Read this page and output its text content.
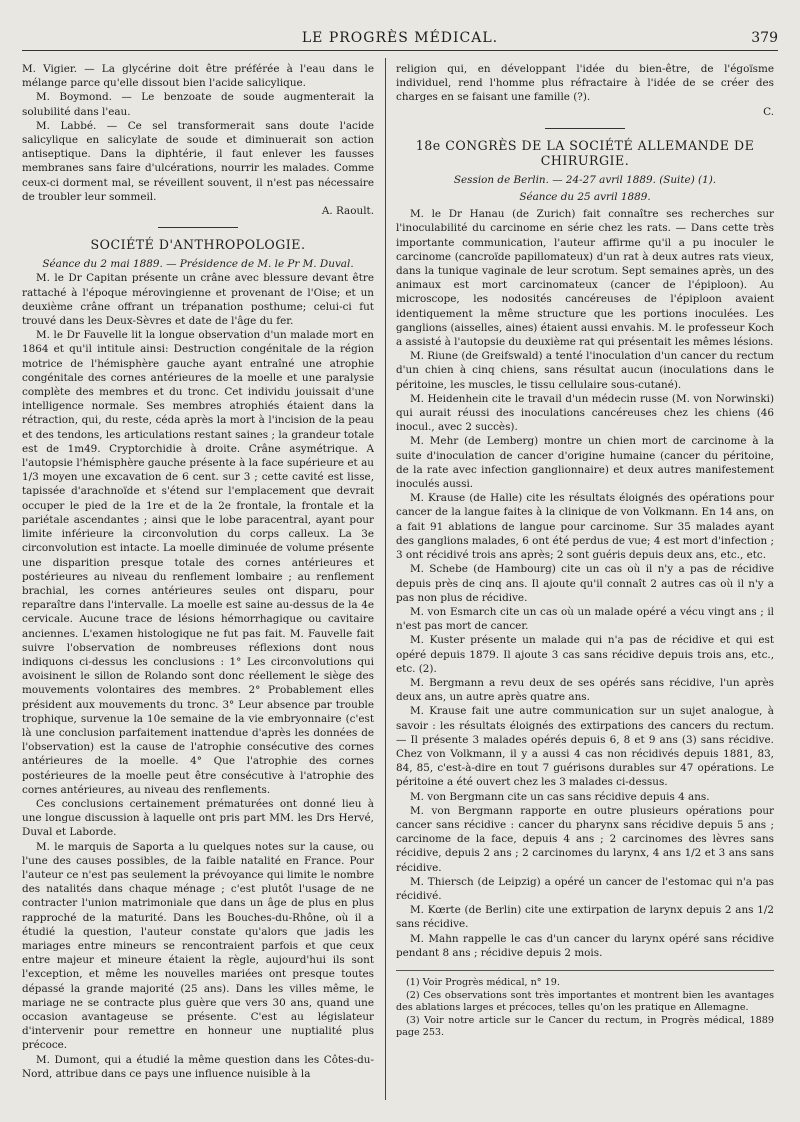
LE PROGRÈS MÉDICAL.	379

M. Vigier. — La glycérine doit être préférée à l'eau dans le mélange parce qu'elle dissout bien l'acide salicylique.

M. Boymond. — Le benzoate de soude augmenterait la solubilité dans l'eau.

M. Labbé. — Ce sel transformerait sans doute l'acide salicylique en salicylate de soude et diminuerait son action antiseptique. Dans la diphtérie, il faut enlever les fausses membranes sans faire d'ulcérations, nourrir les malades. Comme ceux-ci dorment mal, se réveillent souvent, il n'est pas nécessaire de troubler leur sommeil.

A. Raoult.

SOCIÉTÉ D'ANTHROPOLOGIE.

Séance du 2 mai 1889. — Présidence de M. le Pr M. Duval.

M. le Dr Capitan présente un crâne avec blessure devant être rattaché à l'époque mérovingienne et provenant de l'Oise; et un deuxième crâne offrant un trépanation posthume; celui-ci fut trouvé dans les Deux-Sèvres et date de l'âge du fer.

M. le Dr Fauvelle lit la longue observation d'un malade mort en 1864 et qu'il intitule ainsi: Destruction congénitale de la région motrice de l'hémisphère gauche ayant entraîné une atrophie congénitale des cornes antérieures de la moelle et une paralysie complète des membres et du tronc. Cet individu jouissait d'une intelligence normale. Ses membres atrophiés étaient dans la rétraction, qui, du reste, céda après la mort à l'incision de la peau et des tendons, les articulations restant saines ; la grandeur totale est de 1m49. Cryptorchidie à droite. Crâne asymétrique. A l'autopsie l'hémisphère gauche présente à la face supérieure et au 1/3 moyen une excavation de 6 cent. sur 3 ; cette cavité est lisse, tapissée d'arachnoïde et s'étend sur l'emplacement que devrait occuper le pied de la 1re et de la 2e frontale, la frontale et la pariétale ascendantes ; ainsi que le lobe paracentral, ayant pour limite inférieure la circonvolution du corps calleux. La 3e circonvolution est intacte. La moelle diminuée de volume présente une disparition presque totale des cornes antérieures et postérieures au niveau du renflement lombaire ; au renflement brachial, les cornes antérieures seules ont disparu, pour reparaître dans l'intervalle. La moelle est saine au-dessus de la 4e cervicale. Aucune trace de lésions hémorrhagique ou cavitaire anciennes. L'examen histologique ne fut pas fait. M. Fauvelle fait suivre l'observation de nombreuses réflexions dont nous indiquons ci-dessus les conclusions : 1° Les circonvolutions qui avoisinent le sillon de Rolando sont donc réellement le siège des mouvements volontaires des membres. 2° Probablement elles président aux mouvements du tronc. 3° Leur absence par trouble trophique, survenue la 10e semaine de la vie embryonnaire (c'est là une conclusion parfaitement inattendue d'après les données de l'observation) est la cause de l'atrophie consécutive des cornes antérieures de la moelle. 4° Que l'atrophie des cornes postérieures de la moelle peut être consécutive à l'atrophie des cornes antérieures, au niveau des renflements.

Ces conclusions certainement prématurées ont donné lieu à une longue discussion à laquelle ont pris part MM. les Drs Hervé, Duval et Laborde.

M. le marquis de Saporta a lu quelques notes sur la cause, ou l'une des causes possibles, de la faible natalité en France. Pour l'auteur ce n'est pas seulement la prévoyance qui limite le nombre des natalités dans chaque ménage ; c'est plutôt l'usage de ne contracter l'union matrimoniale que dans un âge de plus en plus rapproché de la maturité. Dans les Bouches-du-Rhône, où il a étudié la question, l'auteur constate qu'alors que jadis les mariages entre mineurs se rencontraient parfois et que ceux entre majeur et mineure étaient la règle, aujourd'hui ils sont l'exception, et même les nouvelles mariées ont presque toutes dépassé la grande majorité (25 ans). Dans les villes même, le mariage ne se contracte plus guère que vers 30 ans, quand une occasion avantageuse se présente. C'est au législateur d'intervenir pour remettre en honneur une nuptialité plus précoce.

M. Dumont, qui a étudié la même question dans les Côtes-du-Nord, attribue dans ce pays une influence nuisible à la

religion qui, en développant l'idée du bien-être, de l'égoïsme individuel, rend l'homme plus réfractaire à l'idée de se créer des charges en se faisant une famille (?).

C.

18e CONGRÈS DE LA SOCIÉTÉ ALLEMANDE DE CHIRURGIE.

Session de Berlin. — 24-27 avril 1889. (Suite) (1).

Séance du 25 avril 1889.

M. le Dr Hanau (de Zurich) fait connaître ses recherches sur l'inoculabilité du carcinome en série chez les rats. — Dans cette très importante communication, l'auteur affirme qu'il a pu inoculer le carcinome (cancroïde papillomateux) d'un rat à deux autres rats vieux, dans la tunique vaginale de leur scrotum. Sept semaines après, un des animaux est mort carcinomateux (cancer de l'épiploon). Au microscope, les nodosités cancéreuses de l'épiploon avaient identiquement la même structure que les portions inoculées. Les ganglions (aisselles, aines) étaient aussi envahis. M. le professeur Koch a assisté à l'autopsie du deuxième rat qui présentait les mêmes lésions.

M. Riune (de Greifswald) a tenté l'inoculation d'un cancer du rectum d'un chien à cinq chiens, sans résultat aucun (inoculations dans le péritoine, les muscles, le tissu cellulaire sous-cutané).

M. Heidenhein cite le travail d'un médecin russe (M. von Norwinski) qui aurait réussi des inoculations cancéreuses chez les chiens (46 inocul., avec 2 succès).

M. Mehr (de Lemberg) montre un chien mort de carcinome à la suite d'inoculation de cancer d'origine humaine (cancer du péritoine, de la rate avec infection ganglionnaire) et deux autres manifestement inoculés aussi.

M. Krause (de Halle) cite les résultats éloignés des opérations pour cancer de la langue faites à la clinique de von Volkmann. En 14 ans, on a fait 91 ablations de langue pour carcinome. Sur 35 malades ayant des ganglions malades, 6 ont été perdus de vue; 4 est mort d'infection ; 3 ont récidivé trois ans après; 2 sont guéris depuis deux ans, etc., etc.

M. Schebe (de Hambourg) cite un cas où il n'y a pas de récidive depuis près de cinq ans. Il ajoute qu'il connaît 2 autres cas où il n'y a pas non plus de récidive.

M. von Esmarch cite un cas où un malade opéré a vécu vingt ans ; il n'est pas mort de cancer.

M. Kuster présente un malade qui n'a pas de récidive et qui est opéré depuis 1879. Il ajoute 3 cas sans récidive depuis trois ans, etc., etc. (2).

M. Bergmann a revu deux de ses opérés sans récidive, l'un après deux ans, un autre après quatre ans.

M. Krause fait une autre communication sur un sujet analogue, à savoir : les résultats éloignés des extirpations des cancers du rectum. — Il présente 3 malades opérés depuis 6, 8 et 9 ans (3) sans récidive. Chez von Volkmann, il y a aussi 4 cas non récidivés depuis 1881, 83, 84, 85, c'est-à-dire en tout 7 guérisons durables sur 47 opérations. Le péritoine a été ouvert chez les 3 malades ci-dessus.

M. von Bergmann cite un cas sans récidive depuis 4 ans.

M. von Bergmann rapporte en outre plusieurs opérations pour cancer sans récidive : cancer du pharynx sans récidive depuis 5 ans ; carcinome de la face, depuis 4 ans ; 2 carcinomes des lèvres sans récidive, depuis 2 ans ; 2 carcinomes du larynx, 4 ans 1/2 et 3 ans sans récidive.

M. Thiersch (de Leipzig) a opéré un cancer de l'estomac qui n'a pas récidivé.

M. Kœrte (de Berlin) cite une extirpation de larynx depuis 2 ans 1/2 sans récidive.

M. Mahn rappelle le cas d'un cancer du larynx opéré sans récidive pendant 8 ans ; récidive depuis 2 mois.

(1) Voir Progrès médical, n° 19.

(2) Ces observations sont très importantes et montrent bien les avantages des ablations larges et précoces, telles qu'on les pratique en Allemagne.

(3) Voir notre article sur le Cancer du rectum, in Progrès médical, 1889 page 253.
